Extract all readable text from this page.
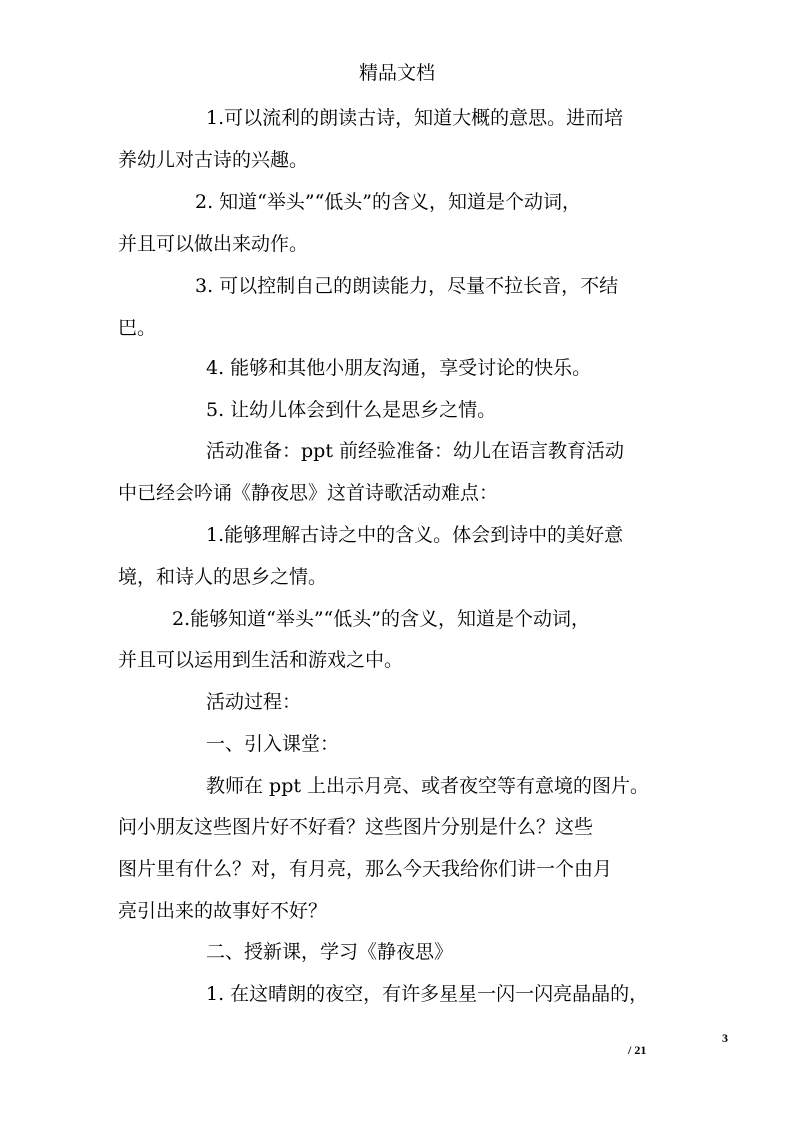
精品文档
1.可以流利的朗读古诗，知道大概的意思。进而培
养幼儿对古诗的兴趣。
2. 知道“举头”“低头”的含义，知道是个动词，
并且可以做出来动作。
3. 可以控制自己的朗读能力，尽量不拉长音，不结
巴。
4. 能够和其他小朋友沟通，享受讨论的快乐。
5. 让幼儿体会到什么是思乡之情。
活动准备：ppt 前经验准备：幼儿在语言教育活动
中已经会吟诵《静夜思》这首诗歌活动难点：
1.能够理解古诗之中的含义。体会到诗中的美好意
境，和诗人的思乡之情。
2.能够知道“举头”“低头”的含义，知道是个动词，
并且可以运用到生活和游戏之中。
活动过程：
一、引入课堂：
教师在 ppt 上出示月亮、或者夜空等有意境的图片。
问小朋友这些图片好不好看？这些图片分别是什么？这些
图片里有什么？对，有月亮，那么今天我给你们讲一个由月
亮引出来的故事好不好？
二、授新课，学习《静夜思》
1. 在这晴朗的夜空，有许多星星一闪一闪亮晶晶的，
3
/ 21
